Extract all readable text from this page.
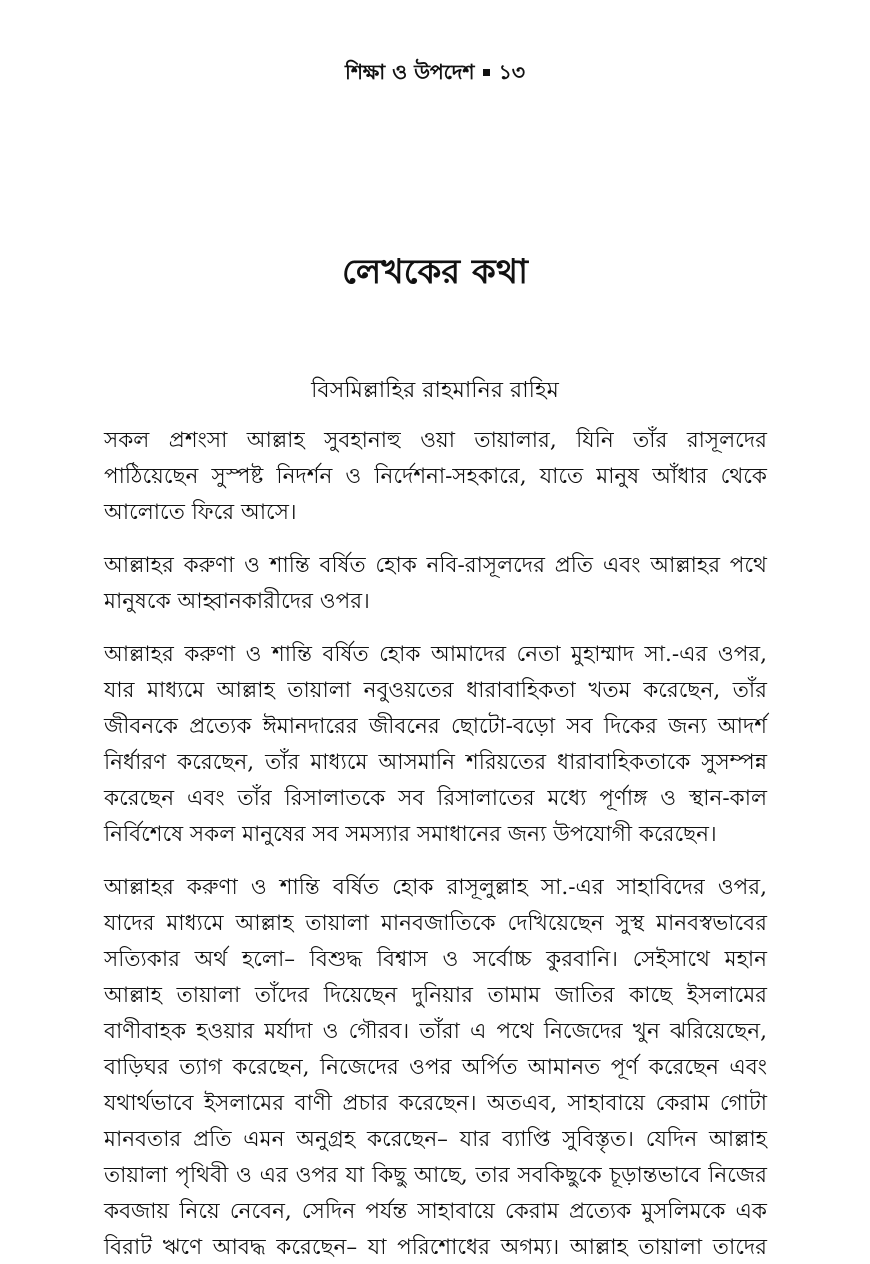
শিক্ষা ও উপদেশ ১৩
লেখকের কথা

বিসমিল্লাহির রাহমানির রাহিম

সকল প্রশংসা আল্লাহ সুবহানাহু ওয়া তায়ালার, যিনি তাঁর রাসূলদের
পাঠিয়েছেন সুস্পষ্ট নিদর্শন ও নির্দেশনা-সহকারে, যাতে মানুষ আঁধার থেকে
আলোতে ফিরে আসে।
আল্লাহর করুণা ও শান্তি বর্ষিত হোক নবি-রাসূলদের প্রতি এবং আল্লাহর পথে
মানুষকে আহ্বানকারীদের ওপর।
আল্লাহর করুণা ও শান্তি বর্ষিত হোক আমাদের নেতা মুহাম্মাদ সা.-এর ওপর,
যার মাধ্যমে আল্লাহ তায়ালা নবুওয়তের ধারাবাহিকতা খতম করেছেন, তাঁর
জীবনকে প্রত্যেক ঈমানদারের জীবনের ছোটো-বড়ো সব দিকের জন্য আদর্শ
নির্ধারণ করেছেন, তাঁর মাধ্যমে আসমানি শরিয়তের ধারাবাহিকতাকে সুসম্পন্ন
করেছেন এবং তাঁর রিসালাতকে সব রিসালাতের মধ্যে পূর্ণাঙ্গ ও স্থান-কাল
নির্বিশেষে সকল মানুষের সব সমস্যার সমাধানের জন্য উপযোগী করেছেন।
আল্লাহর করুণা ও শান্তি বর্ষিত হোক রাসূলুল্লাহ সা.-এর সাহাবিদের ওপর,
যাদের মাধ্যমে আল্লাহ তায়ালা মানবজাতিকে দেখিয়েছেন সুস্থ মানবস্বভাবের
সত্যিকার অর্থ হলো– বিশুদ্ধ বিশ্বাস ও সর্বোচ্চ কুরবানি। সেইসাথে মহান
আল্লাহ তায়ালা তাঁদের দিয়েছেন দুনিয়ার তামাম জাতির কাছে ইসলামের
বাণীবাহক হওয়ার মর্যাদা ও গৌরব। তাঁরা এ পথে নিজেদের খুন ঝরিয়েছেন,
বাড়িঘর ত্যাগ করেছেন, নিজেদের ওপর অর্পিত আমানত পূর্ণ করেছেন এবং
যথার্থভাবে ইসলামের বাণী প্রচার করেছেন। অতএব, সাহাবায়ে কেরাম গোটা
মানবতার প্রতি এমন অনুগ্রহ করেছেন– যার ব্যাপ্তি সুবিস্তৃত। যেদিন আল্লাহ
তায়ালা পৃথিবী ও এর ওপর যা কিছু আছে, তার সবকিছুকে চূড়ান্তভাবে নিজের
কবজায় নিয়ে নেবেন, সেদিন পর্যন্ত সাহাবায়ে কেরাম প্রত্যেক মুসলিমকে এক
বিরাট ঋণে আবদ্ধ করেছেন– যা পরিশোধের অগম্য। আল্লাহ তায়ালা তাদের
